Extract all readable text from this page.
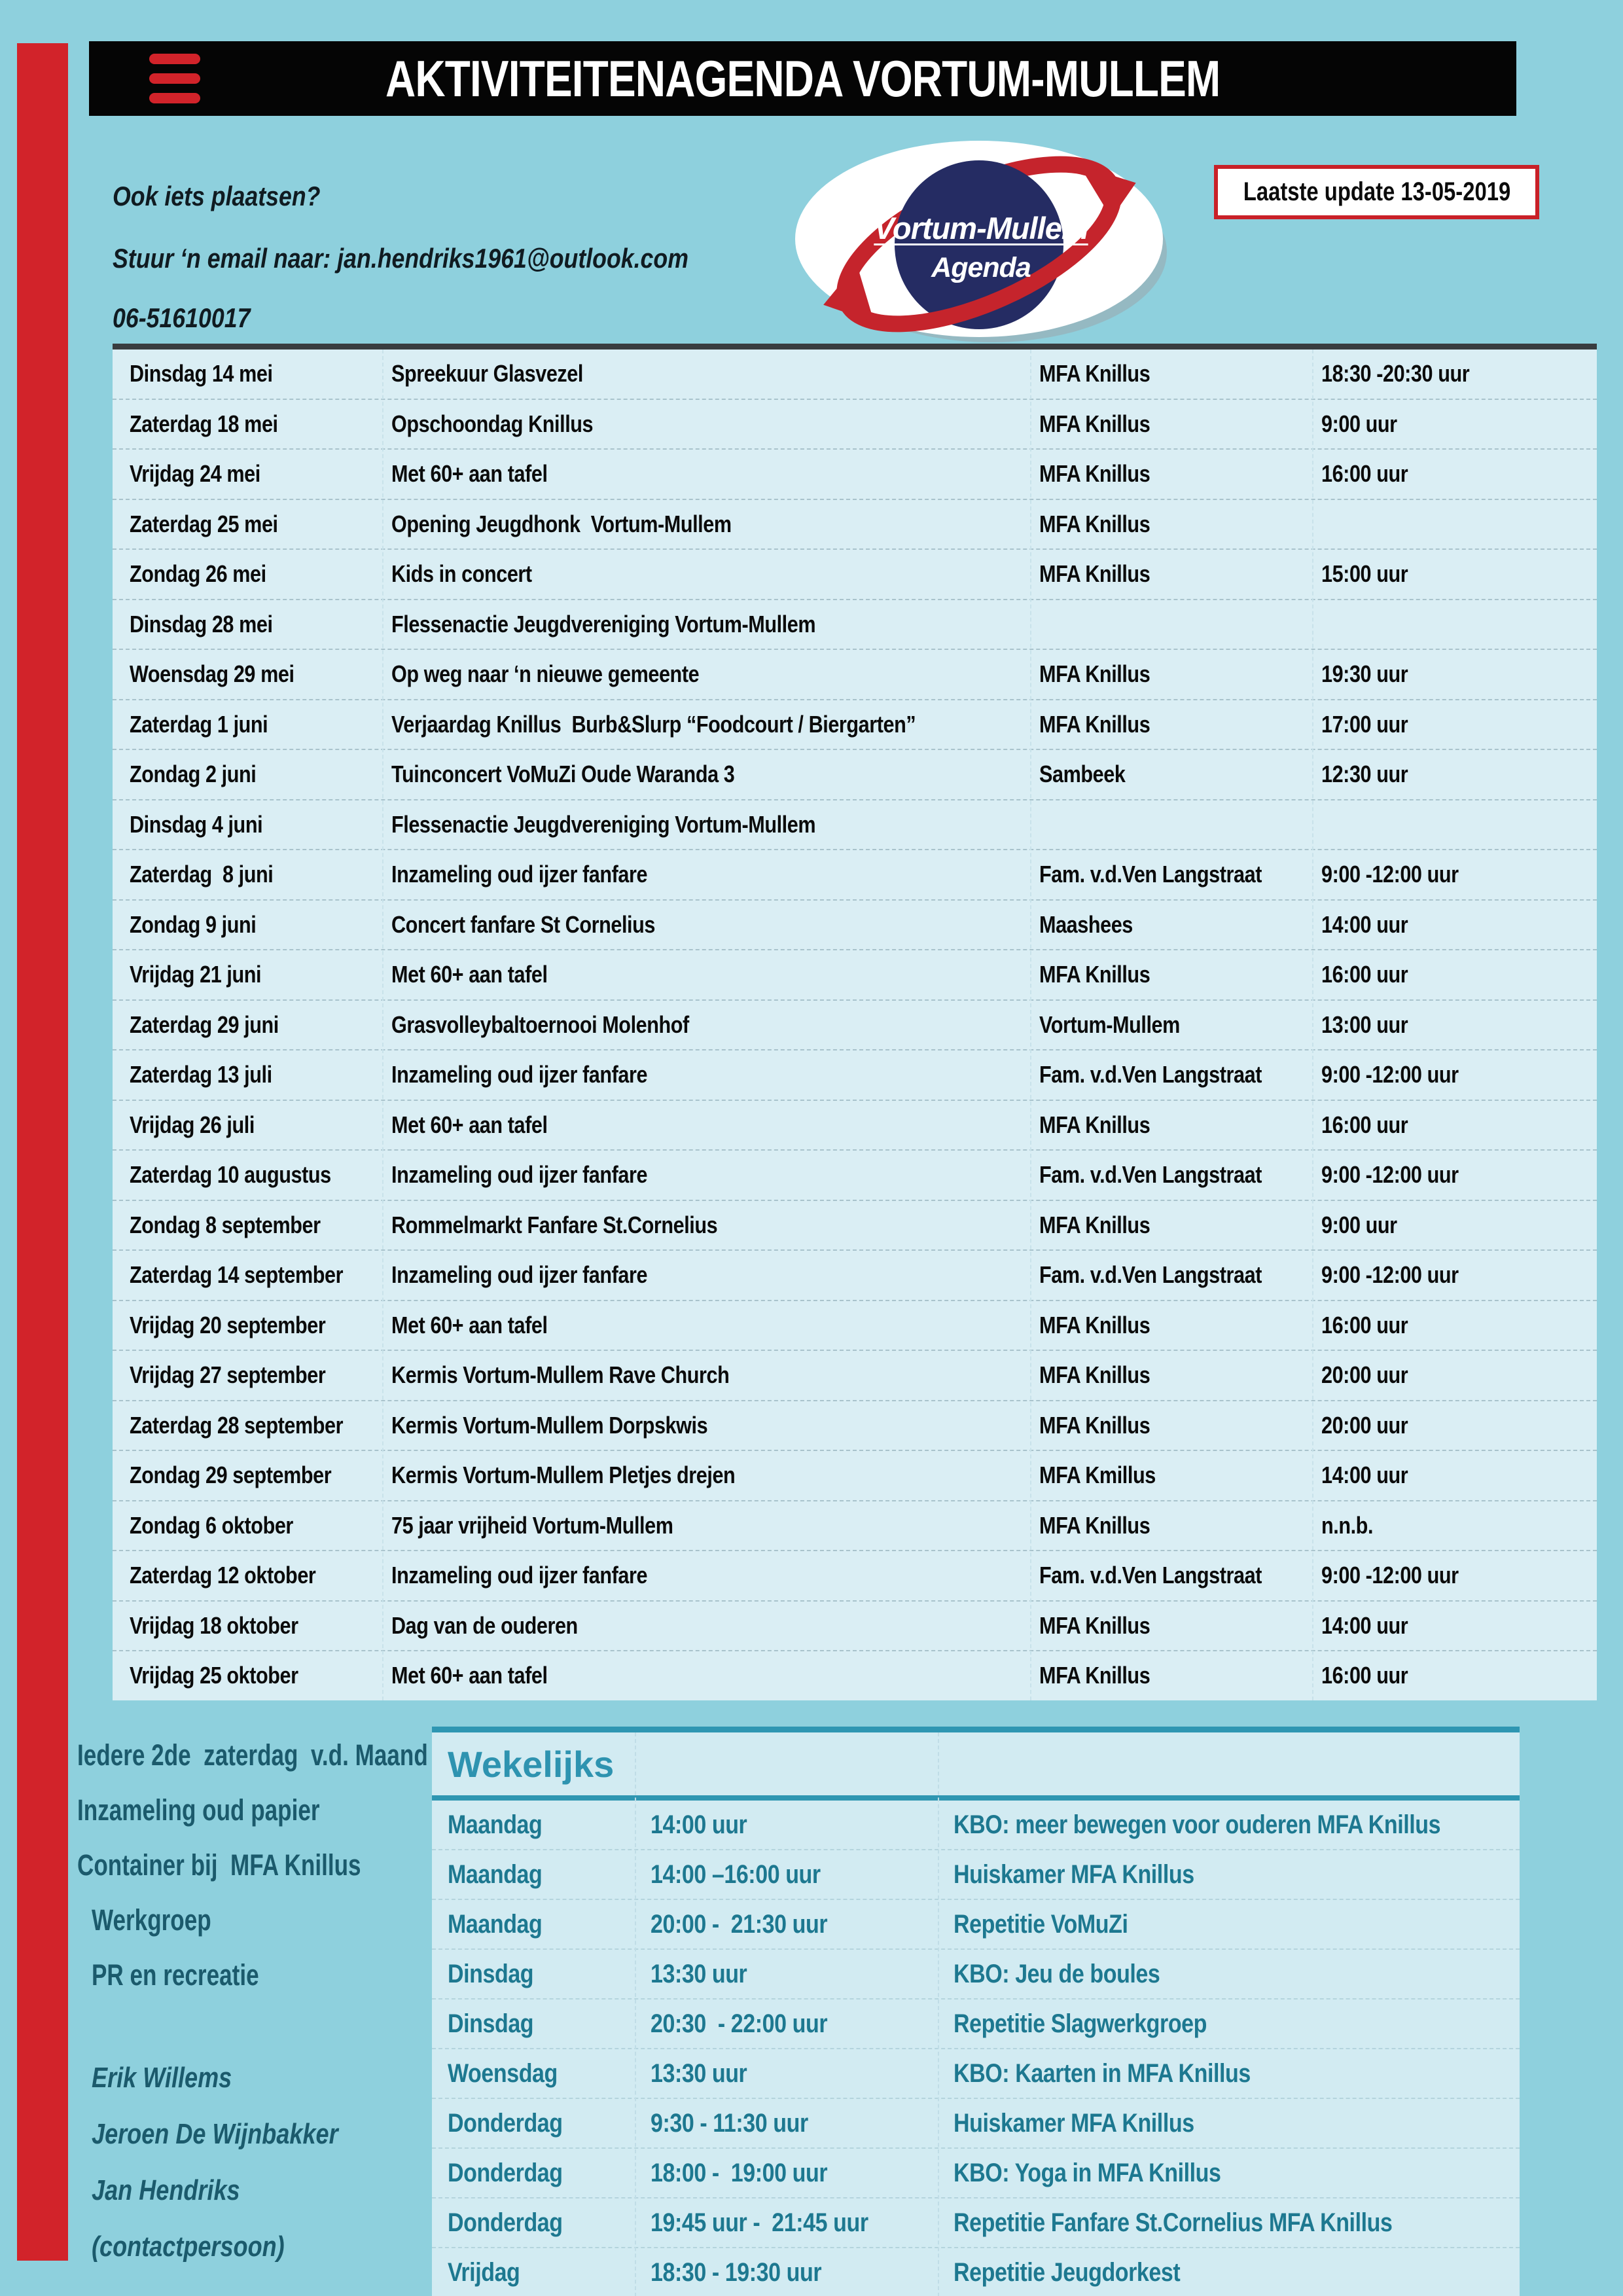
AKTIVITEITENAGENDA VORTUM-MULLEM
Ook iets plaatsen?
Stuur ‘n email naar: jan.hendriks1961@outlook.com
06-51610017
Vortum-Mullem
Agenda
Laatste update 13-05-2019
Dinsdag 14 mei	Spreekuur Glasvezel	MFA Knillus	18:30 -20:30 uur
Zaterdag 18 mei	Opschoondag Knillus	MFA Knillus	9:00 uur
Vrijdag 24 mei	Met 60+ aan tafel	MFA Knillus	16:00 uur
Zaterdag 25 mei	Opening Jeugdhonk  Vortum-Mullem	MFA Knillus
Zondag 26 mei	Kids in concert	MFA Knillus	15:00 uur
Dinsdag 28 mei	Flessenactie Jeugdvereniging Vortum-Mullem
Woensdag 29 mei	Op weg naar ‘n nieuwe gemeente	MFA Knillus	19:30 uur
Zaterdag 1 juni	Verjaardag Knillus  Burb&Slurp “Foodcourt / Biergarten”	MFA Knillus	17:00 uur
Zondag 2 juni	Tuinconcert VoMuZi Oude Waranda 3	Sambeek	12:30 uur
Dinsdag 4 juni	Flessenactie Jeugdvereniging Vortum-Mullem
Zaterdag  8 juni	Inzameling oud ijzer fanfare	Fam. v.d.Ven Langstraat	9:00 -12:00 uur
Zondag 9 juni	Concert fanfare St Cornelius	Maashees	14:00 uur
Vrijdag 21 juni	Met 60+ aan tafel	MFA Knillus	16:00 uur
Zaterdag 29 juni	Grasvolleybaltoernooi Molenhof	Vortum-Mullem	13:00 uur
Zaterdag 13 juli	Inzameling oud ijzer fanfare	Fam. v.d.Ven Langstraat	9:00 -12:00 uur
Vrijdag 26 juli	Met 60+ aan tafel	MFA Knillus	16:00 uur
Zaterdag 10 augustus	Inzameling oud ijzer fanfare	Fam. v.d.Ven Langstraat	9:00 -12:00 uur
Zondag 8 september	Rommelmarkt Fanfare St.Cornelius	MFA Knillus	9:00 uur
Zaterdag 14 september Inzameling oud ijzer fanfare	Fam. v.d.Ven Langstraat	9:00 -12:00 uur
Vrijdag 20 september	Met 60+ aan tafel	MFA Knillus	16:00 uur
Vrijdag 27 september	Kermis Vortum-Mullem Rave Church	MFA Knillus	20:00 uur
Zaterdag 28 september Kermis Vortum-Mullem Dorpskwis	MFA Knillus	20:00 uur
Zondag 29 september	Kermis Vortum-Mullem Pletjes drejen	MFA Kmillus	14:00 uur
Zondag 6 oktober	75 jaar vrijheid Vortum-Mullem	MFA Knillus	n.n.b.
Zaterdag 12 oktober	Inzameling oud ijzer fanfare	Fam. v.d.Ven Langstraat	9:00 -12:00 uur
Vrijdag 18 oktober	Dag van de ouderen	MFA Knillus	14:00 uur
Vrijdag 25 oktober	Met 60+ aan tafel	MFA Knillus	16:00 uur
Iedere 2de  zaterdag  v.d. Maand
Inzameling oud papier
Container bij  MFA Knillus
Werkgroep
PR en recreatie
Erik Willems
Jeroen De Wijnbakker
Jan Hendriks
(contactpersoon)
Wekelijks
Maandag	14:00 uur	KBO: meer bewegen voor ouderen MFA Knillus
Maandag	14:00 –16:00 uur	Huiskamer MFA Knillus
Maandag	20:00 -  21:30 uur	Repetitie VoMuZi
Dinsdag	13:30 uur	KBO: Jeu de boules
Dinsdag	20:30  - 22:00 uur	Repetitie Slagwerkgroep
Woensdag	13:30 uur	KBO: Kaarten in MFA Knillus
Donderdag	9:30 - 11:30 uur	Huiskamer MFA Knillus
Donderdag	18:00 -  19:00 uur	KBO: Yoga in MFA Knillus
Donderdag	19:45 uur -  21:45 uur	Repetitie Fanfare St.Cornelius MFA Knillus
Vrijdag	18:30 - 19:30 uur	Repetitie Jeugdorkest
